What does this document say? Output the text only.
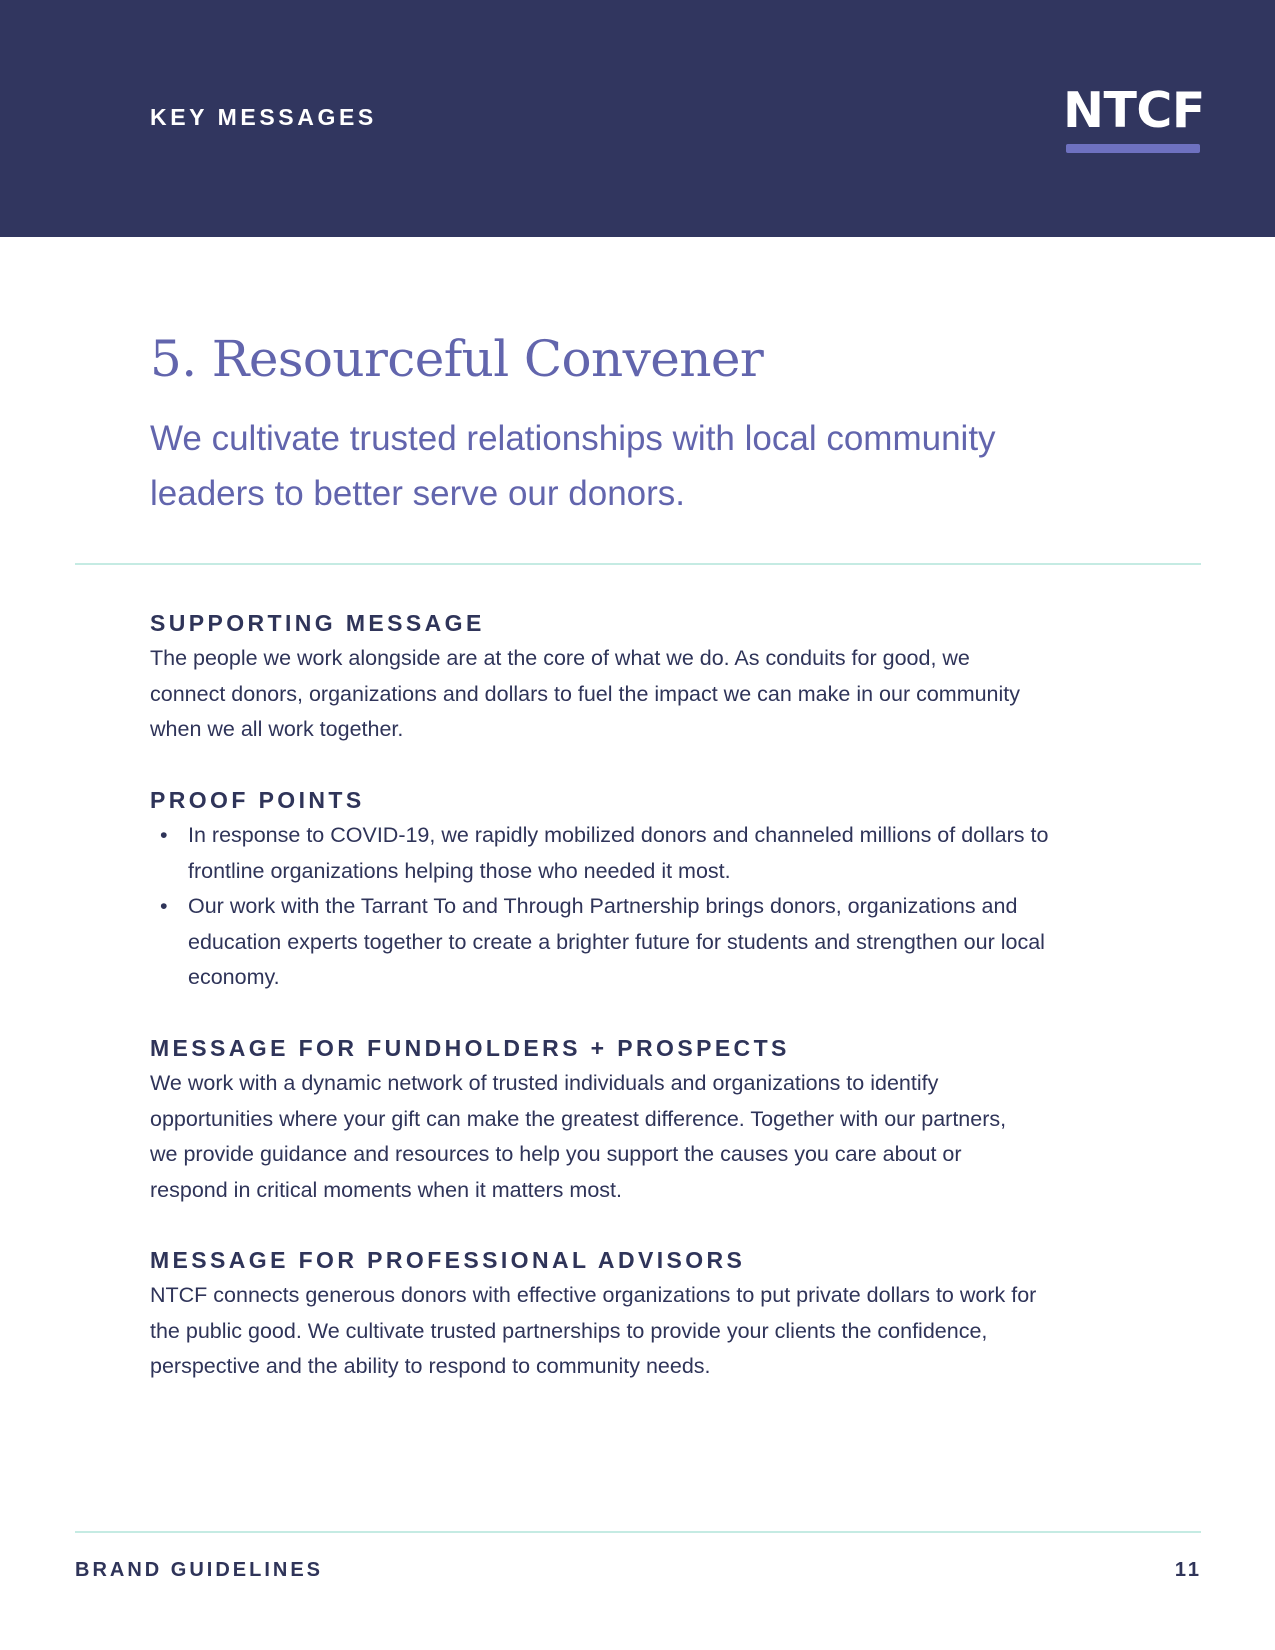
KEY MESSAGES	NTCF
5. Resourceful Convener

We cultivate trusted relationships with local community leaders to better serve our donors.

SUPPORTING MESSAGE

The people we work alongside are at the core of what we do. As conduits for good, we connect donors, organizations and dollars to fuel the impact we can make in our community when we all work together.

PROOF POINTS
• In response to COVID-19, we rapidly mobilized donors and channeled millions of dollars to frontline organizations helping those who needed it most.
• Our work with the Tarrant To and Through Partnership brings donors, organizations and education experts together to create a brighter future for students and strengthen our local economy.
MESSAGE FOR FUNDHOLDERS + PROSPECTS

We work with a dynamic network of trusted individuals and organizations to identify opportunities where your gift can make the greatest difference. Together with our partners, we provide guidance and resources to help you support the causes you care about or respond in critical moments when it matters most.

MESSAGE FOR PROFESSIONAL ADVISORS

NTCF connects generous donors with effective organizations to put private dollars to work for the public good. We cultivate trusted partnerships to provide your clients the confidence, perspective and the ability to respond to community needs.

BRAND GUIDELINES	11
